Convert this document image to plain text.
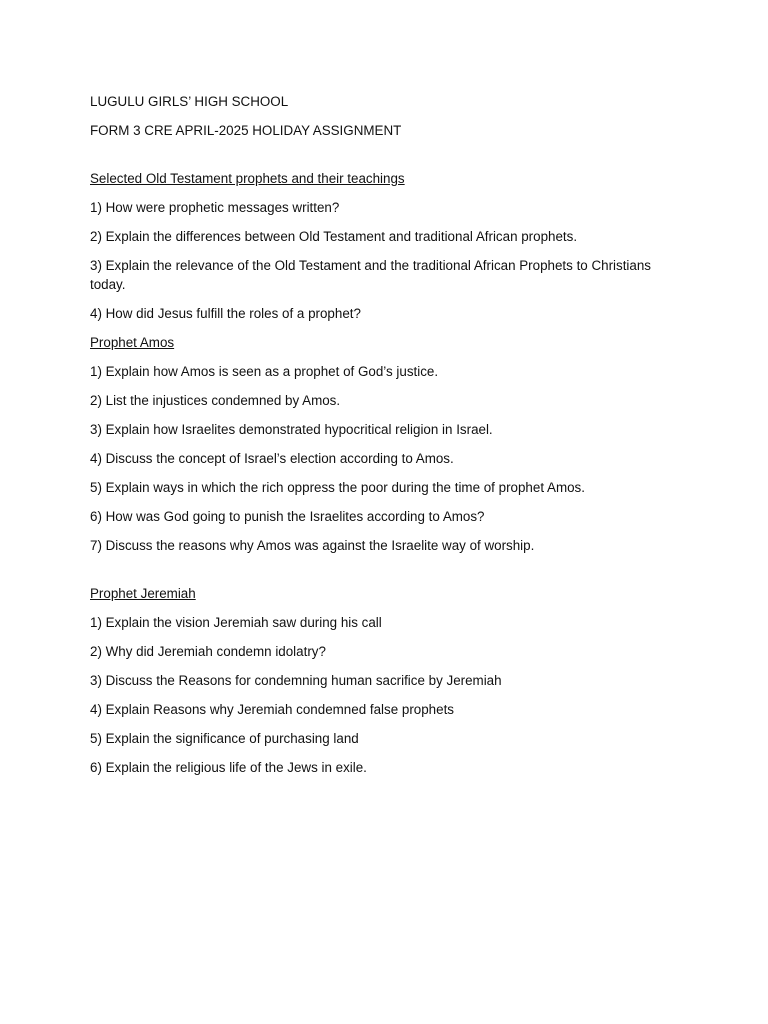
LUGULU GIRLS’ HIGH SCHOOL

FORM 3 CRE APRIL-2025 HOLIDAY ASSIGNMENT

Selected Old Testament prophets and their teachings

1) How were prophetic messages written?

2) Explain the differences between Old Testament and traditional African prophets.

3) Explain the relevance of the Old Testament and the traditional African Prophets to Christians today.

4) How did Jesus fulfill the roles of a prophet?

Prophet Amos

1) Explain how Amos is seen as a prophet of God’s justice.

2) List the injustices condemned by Amos.

3) Explain how Israelites demonstrated hypocritical religion in Israel.

4) Discuss the concept of Israel’s election according to Amos.

5) Explain ways in which the rich oppress the poor during the time of prophet Amos.

6) How was God going to punish the Israelites according to Amos?

7) Discuss the reasons why Amos was against the Israelite way of worship.

Prophet Jeremiah

1) Explain the vision Jeremiah saw during his call

2) Why did Jeremiah condemn idolatry?

3) Discuss the Reasons for condemning human sacrifice by Jeremiah

4) Explain Reasons why Jeremiah condemned false prophets

5) Explain the significance of purchasing land

6) Explain the religious life of the Jews in exile.
